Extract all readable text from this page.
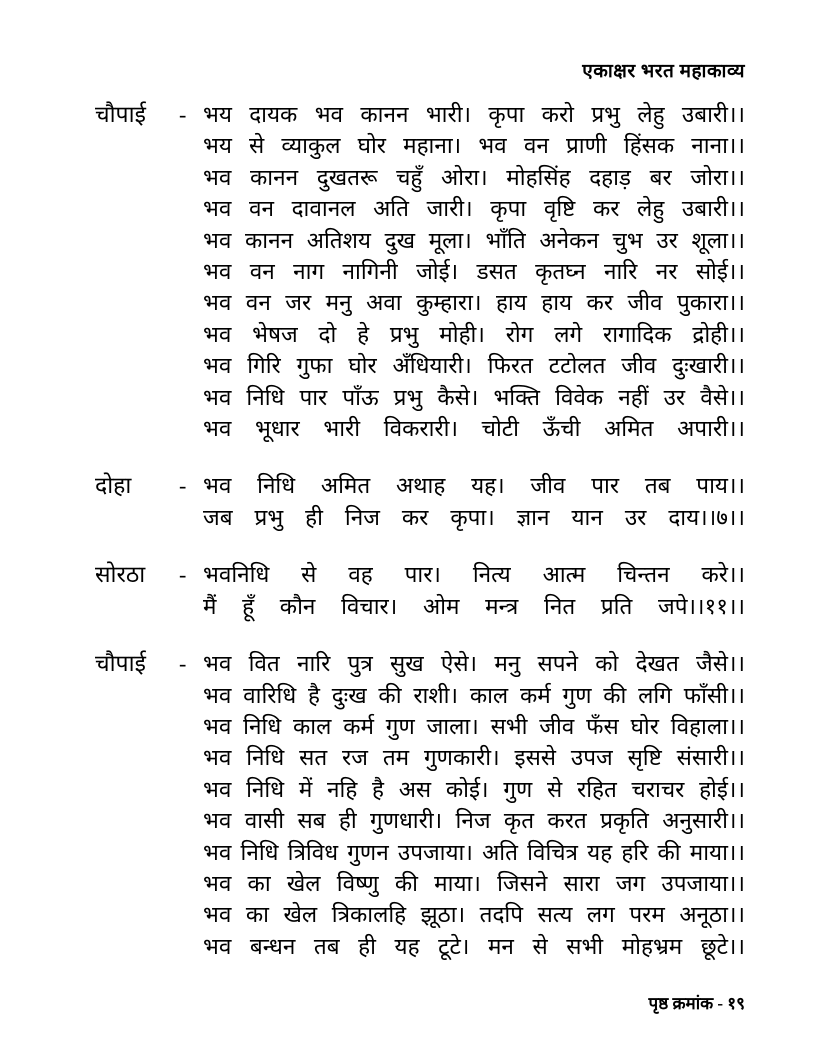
एकाक्षर भरत महाकाव्य
चौपाई	- भय दायक भव कानन भारी। कृपा करो प्रभु लेहु उबारी।।
भय से व्याकुल घोर महाना। भव वन प्राणी हिंसक नाना।।
भव कानन दुखतरू चहुँ ओरा। मोहसिंह दहाड़ बर जोरा।।
भव वन दावानल अति जारी। कृपा वृष्टि कर लेहु उबारी।।
भव कानन अतिशय दुख मूला। भाँति अनेकन चुभ उर शूला।।
भव वन नाग नागिनी जोई। डसत कृतघ्न नारि नर सोई।।
भव वन जर मनु अवा कुम्हारा। हाय हाय कर जीव पुकारा।।
भव भेषज दो हे प्रभु मोही। रोग लगे रागादिक द्रोही।।
भव गिरि गुफा घोर अँधियारी। फिरत टटोलत जीव दुःखारी।।
भव निधि पार पाँऊ प्रभु कैसे। भक्ति विवेक नहीं उर वैसे।।
भव भूधार भारी विकरारी। चोटी ऊँची अमित अपारी।।
दोहा	- भव निधि अमित अथाह यह। जीव पार तब पाय।।
जब प्रभु ही निज कर कृपा। ज्ञान यान उर दाय।।७।।
सोरठा	- भवनिधि से वह पार। नित्य आत्म चिन्तन करे।।
मैं हूँ कौन विचार। ओम मन्त्र नित प्रति जपे।।११।।
चौपाई	- भव वित नारि पुत्र सुख ऐसे। मनु सपने को देखत जैसे।।
भव वारिधि है दुःख की राशी। काल कर्म गुण की लगि फाँसी।।
भव निधि काल कर्म गुण जाला। सभी जीव फँस घोर विहाला।।
भव निधि सत रज तम गुणकारी। इससे उपज सृष्टि संसारी।।
भव निधि में नहि है अस कोई। गुण से रहित चराचर होई।।
भव वासी सब ही गुणधारी। निज कृत करत प्रकृति अनुसारी।।
भव निधि त्रिविध गुणन उपजाया। अति विचित्र यह हरि की माया।।
भव का खेल विष्णु की माया। जिसने सारा जग उपजाया।।
भव का खेल त्रिकालहि झूठा। तदपि सत्य लग परम अनूठा।।
भव बन्धन तब ही यह टूटे। मन से सभी मोहभ्रम छूटे।।
पृष्ठ क्रमांक - १९
